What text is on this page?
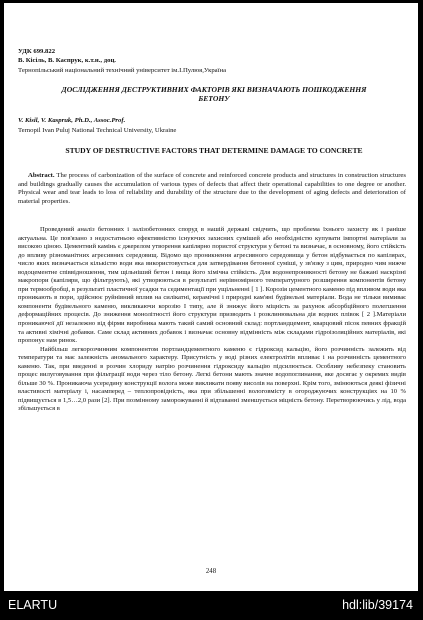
УДК 699.822
В. Кісіль, В. Каспрук, к.т.н., доц.
Тернопільський національний технічний університет ім.І.Пулюя,Україна
ДОСЛІДЖЕННЯ ДЕСТРУКТИВНИХ ФАКТОРІВ ЯКІ ВИЗНАЧАЮТЬ ПОШКОДЖЕННЯ БЕТОНУ
V. Kisil, V. Kaspruk, Ph.D., Assoc.Prof.
Ternopil Ivan Puluj National Technical University, Ukraine
STUDY OF DESTRUCTIVE FACTORS THAT DETERMINE DAMAGE TO CONCRETE

Abstract. The process of carbonization of the surface of concrete and reinforced concrete products and structures in construction structures and buildings gradually causes the accumulation of various types of defects that affect their operational capabilities to one degree or another. Physical wear and tear leads to loss of reliability and durability of the structure due to the development of aging defects and deterioration of material properties.

Проведений аналіз бетонних і залізобетонних споруд в нашій державі свідчить, що проблема їхнього захисту як і раніше актуальна. Це пов'язано з недостатньою ефективністю існуючих захисних сумішей або необхідністю купувати імпортні матеріали за високою ціною. Цементний камінь є джерелом утворення капілярно пористої структури у бетоні та визначає, в основному, його стійкість до впливу різноманітних агресивних середовищ. Відомо що проникнення агресивного середовища у бетон відбувається по капілярах, число яких визначається кількістю води яка використовується для затвердівання бетонної суміші, у зв'язку з цим, природно чим нижче водоцементне співвідношення, тим щільніший бетон і вища його хімічна стійкість. Для водонепроникності бетону не бажані наскрізні макропори (капіляри, що фільтрують), які утворюються в результаті нерівномірного температурного розширення компонентів бетону при термообробці, в результаті пластичної усадки та седиментації при ущільненні [ 1 ]. Корозія цементного каменю під впливом води яка проникають в пори, здійснює руйнівний вплив на силікатні, керамічні і природні кам'яні будівельні матеріали. Вода не тільки вимиває компоненти будівельного каменю, викликаючи корозію І типу, але й знижує його міцність за рахунок абсорбційного полегшення деформаційних процесів. До зниження монолітності його структури призводить і розклинювальна дія водних плівок [ 2 ].Матеріали проникаючої дії незалежно від фірми виробника мають такий самий основний склад: портландцемент, кварцовий пісок певних фракцій та активні хімічні добавки. Саме склад активних добавок і визначає основну відмінність між складами гідроізоляційних матеріалів, які пропонує нам ринок.

Найбільш легкорозчинним компонентом портландцементного каменю є гідроксид кальцію, його розчинність залежить від температури та має залежність аномального характеру. Присутність у воді різних електролітів впливає і на розчинність цементного каменю. Так, при введенні в розчин хлориду натрію розчинення гідроксиду кальцію підсилюється. Особливу небезпеку становить процес вилуговування при фільтрації води через тіло бетону. Легкі бетони мають значне водопоглинання, яке досягає у окремих видів більше 30 %. Проникаюча усередину конструкції волога може викликати появу висолів на поверхні. Крім того, змінюються деякі фізичні властивості матеріалу і, насамперед – теплопровідність, яка при збільшенні вологовмісту в огороджуючих конструкціях на 10 % підвищується в 1,5…2,0 рази [2]. При позмінному заморожуванні й відтаванні зменшується міцність бетону. Перетворюючись у лід, вода збільшується в

248
ELARTU	hdl:lib/39174
